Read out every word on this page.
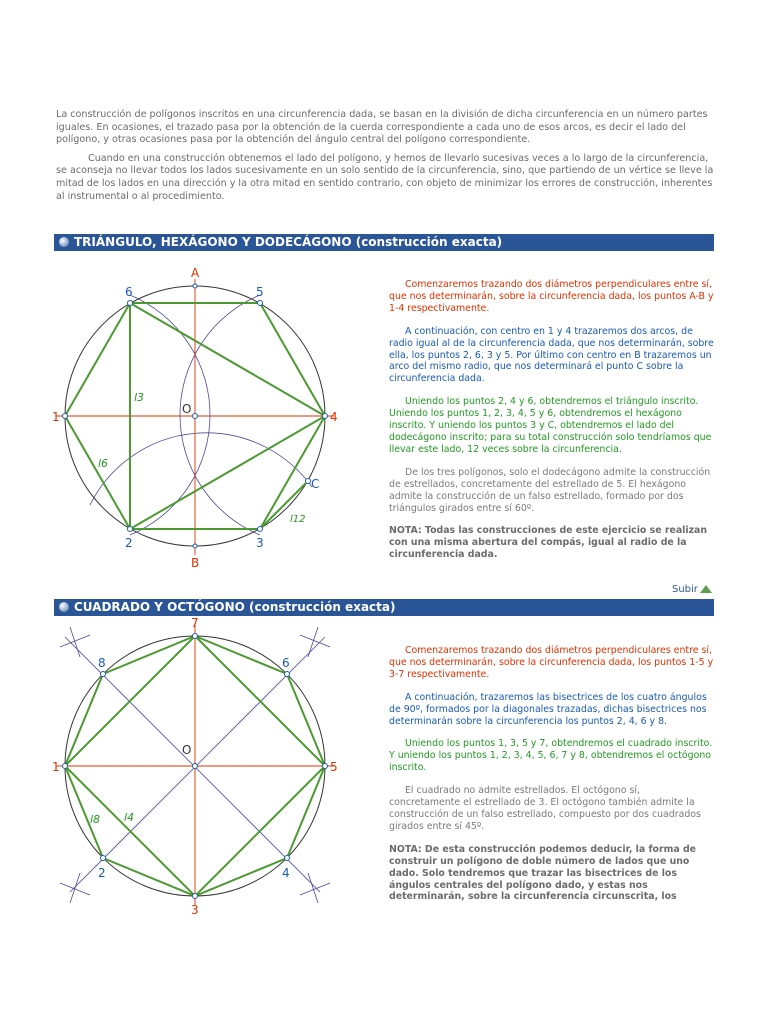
La construcción de polígonos inscritos en una circunferencia dada, se basan en la división de dicha circunferencia en un número partes iguales. En ocasiones, el trazado pasa por la obtención de la cuerda correspondiente a cada uno de esos arcos, es decir el lado del polígono, y otras ocasiones pasa por la obtención del ángulo central del polígono correspondiente.

Cuando en una construcción obtenemos el lado del polígono, y hemos de llevarlo sucesivas veces a lo largo de la circunferencia, se aconseja no llevar todos los lados sucesivamente en un solo sentido de la circunferencia, sino, que partiendo de un vértice se lleve la mitad de los lados en una dirección y la otra mitad en sentido contrario, con objeto de minimizar los errores de construcción, inherentes al instrumental o al procedimiento.

TRIÁNGULO, HEXÁGONO Y DODECÁGONO (construcción exacta)
A
B
O
1	4
6	5
2	3
C
l3
l6
l12

Comenzaremos trazando dos diámetros perpendiculares entre sí, que nos determinarán, sobre la circunferencia dada, los puntos A-B y 1-4 respectivamente.

A continuación, con centro en 1 y 4 trazaremos dos arcos, de radio igual al de la circunferencia dada, que nos determinarán, sobre ella, los puntos 2, 6, 3 y 5. Por último con centro en B trazaremos un arco del mismo radio, que nos determinará el punto C sobre la circunferencia dada.

Uniendo los puntos 2, 4 y 6, obtendremos el triángulo inscrito. Uniendo los puntos 1, 2, 3, 4, 5 y 6, obtendremos el hexágono inscrito. Y uniendo los puntos 3 y C, obtendremos el lado del dodecágono inscrito; para su total construcción solo tendríamos que llevar este lado, 12 veces sobre la circunferencia.

De los tres polígonos, solo el dodecágono admite la construcción de estrellados, concretamente del estrellado de 5. El hexágono admite la construcción de un falso estrellado, formado por dos triángulos girados entre sí 60º.

NOTA: Todas las construcciones de este ejercicio se realizan con una misma abertura del compás, igual al radio de la circunferencia dada.

Subir
CUADRADO Y OCTÓGONO (construcción exacta)
7
3
1	5
8	6
2	4
O
l8 l4

Comenzaremos trazando dos diámetros perpendiculares entre sí, que nos determinarán, sobre la circunferencia dada, los puntos 1-5 y 3-7 respectivamente.

A continuación, trazaremos las bisectrices de los cuatro ángulos de 90º, formados por la diagonales trazadas, dichas bisectrices nos determinarán sobre la circunferencia los puntos 2, 4, 6 y 8.

Uniendo los puntos 1, 3, 5 y 7, obtendremos el cuadrado inscrito. Y uniendo los puntos 1, 2, 3, 4, 5, 6, 7 y 8, obtendremos el octógono inscrito.

El cuadrado no admite estrellados. El octógono sí, concretamente el estrellado de 3. El octógono también admite la construcción de un falso estrellado, compuesto por dos cuadrados girados entre sí 45º.

NOTA: De esta construcción podemos deducir, la forma de construir un polígono de doble número de lados que uno dado. Solo tendremos que trazar las bisectrices de los ángulos centrales del polígono dado, y estas nos determinarán, sobre la circunferencia circunscrita, los
